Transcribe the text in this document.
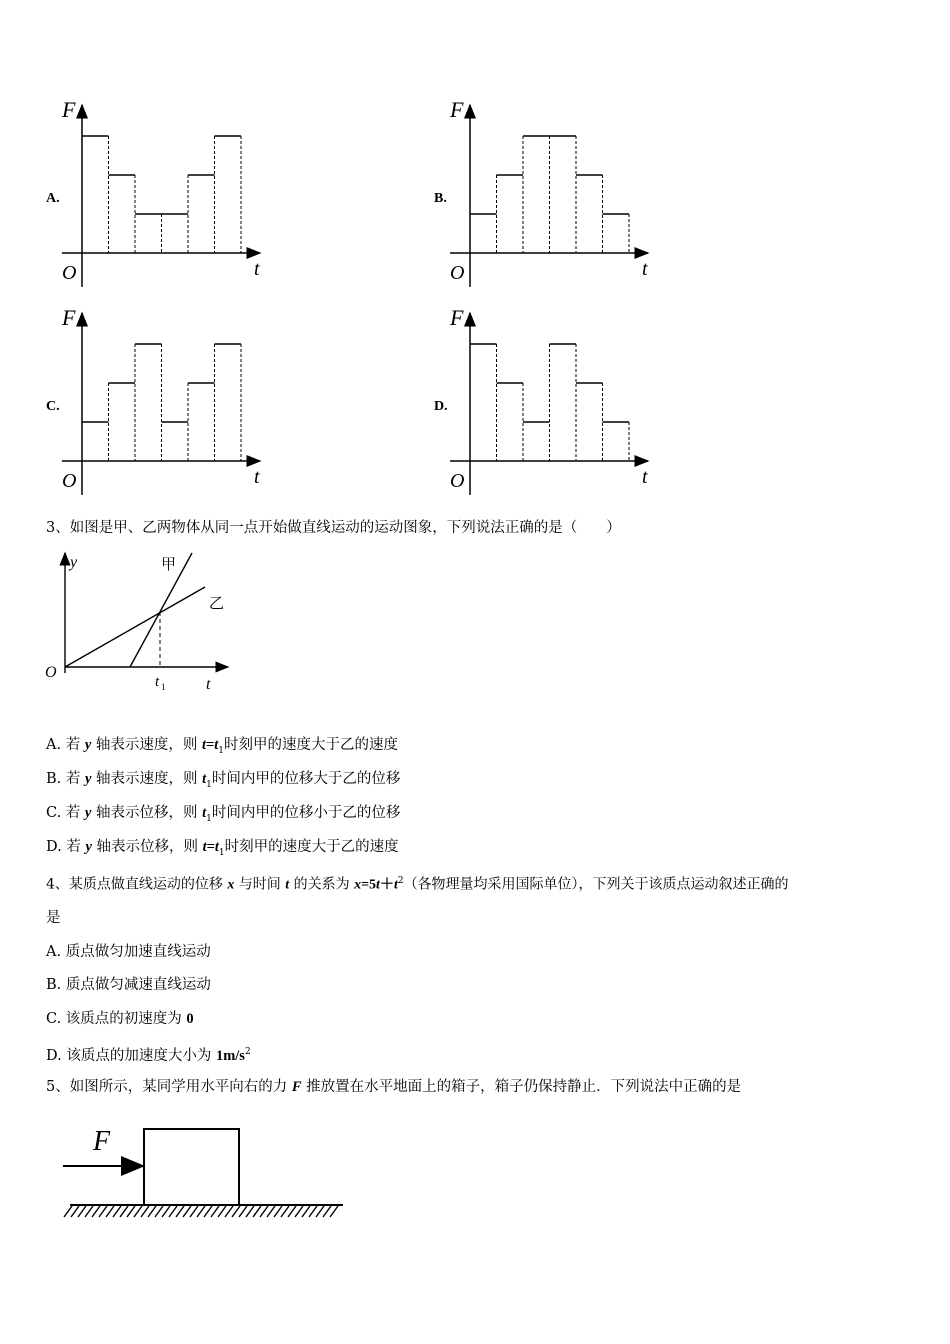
A.
F
O	t
B.
F
O	t
C.
F
O	t
D.
F
O	t
3、如图是甲、乙两物体从同一点开始做直线运动的运动图象，下列说法正确的是（　　）
y
O
t
甲
乙
t 1
A. 若 y 轴表示速度，则 $t=t_1$时刻甲的速度大于乙的速度
B. 若 y 轴表示速度，则 $t_1$时间内甲的位移大于乙的位移
C. 若 y 轴表示位移，则 $t_1$时间内甲的位移小于乙的位移
D. 若 y 轴表示位移，则 $t=t_1$时刻甲的速度大于乙的速度
4、某质点做直线运动的位移 x 与时间 t 的关系为 $x=5t+t^2$（各物理量均采用国际单位），下列关于该质点运动叙述正确的
是
A. 质点做匀加速直线运动
B. 质点做匀减速直线运动
C. 该质点的初速度为 0
D. 该质点的加速度大小为 $1m/s^2$
5、如图所示，某同学用水平向右的力 F 推放置在水平地面上的箱子，箱子仍保持静止．下列说法中正确的是
F
